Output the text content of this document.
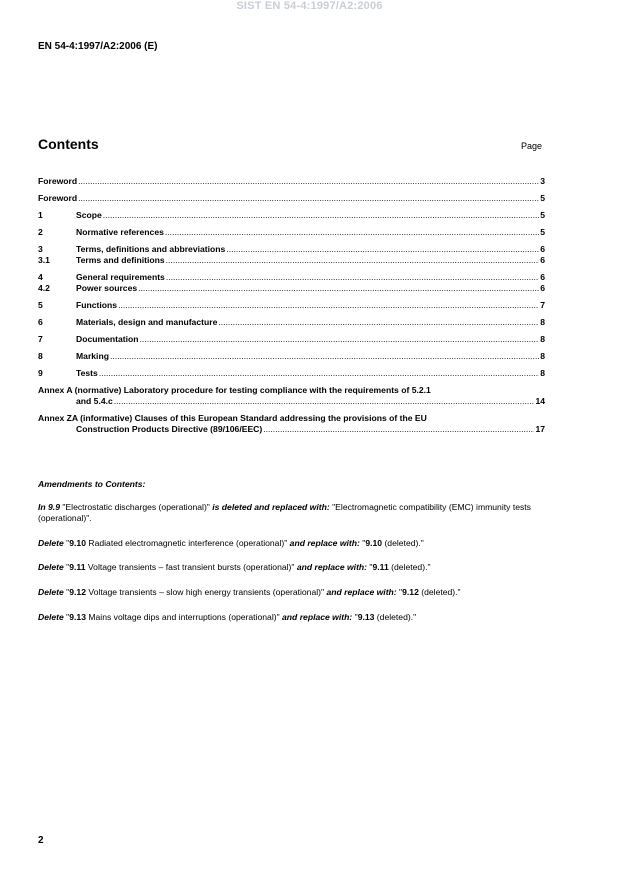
SIST EN 54-4:1997/A2:2006
EN 54-4:1997/A2:2006 (E)
Contents	Page
Foreword .....	3
Foreword .....	5
1	Scope .....	5
2	Normative references .....	5
3	Terms, definitions and abbreviations .....	6
3.1	Terms and definitions .....	6
4	General requirements .....	6
4.2	Power sources .....	6
5	Functions .....	7
6	Materials, design and manufacture .....	8
7	Documentation .....	8
8	Marking .....	8
9	Tests .....	8
Annex A (normative) Laboratory procedure for testing compliance with the requirements of 5.2.1
and 5.4.c .....	14
Annex ZA (informative) Clauses of this European Standard addressing the provisions of the EU
Construction Products Directive (89/106/EEC) .....	17
Amendments to Contents:
In 9.9 "Electrostatic discharges (operational)" is deleted and replaced with: "Electromagnetic compatibility (EMC) immunity tests (operational)".
Delete "9.10 Radiated electromagnetic interference (operational)" and replace with: "9.10 (deleted)."
Delete "9.11 Voltage transients – fast transient bursts (operational)" and replace with: "9.11 (deleted)."
Delete "9.12 Voltage transients – slow high energy transients (operational)" and replace with: "9.12 (deleted)."
Delete "9.13 Mains voltage dips and interruptions (operational)" and replace with: "9.13 (deleted)."
2
